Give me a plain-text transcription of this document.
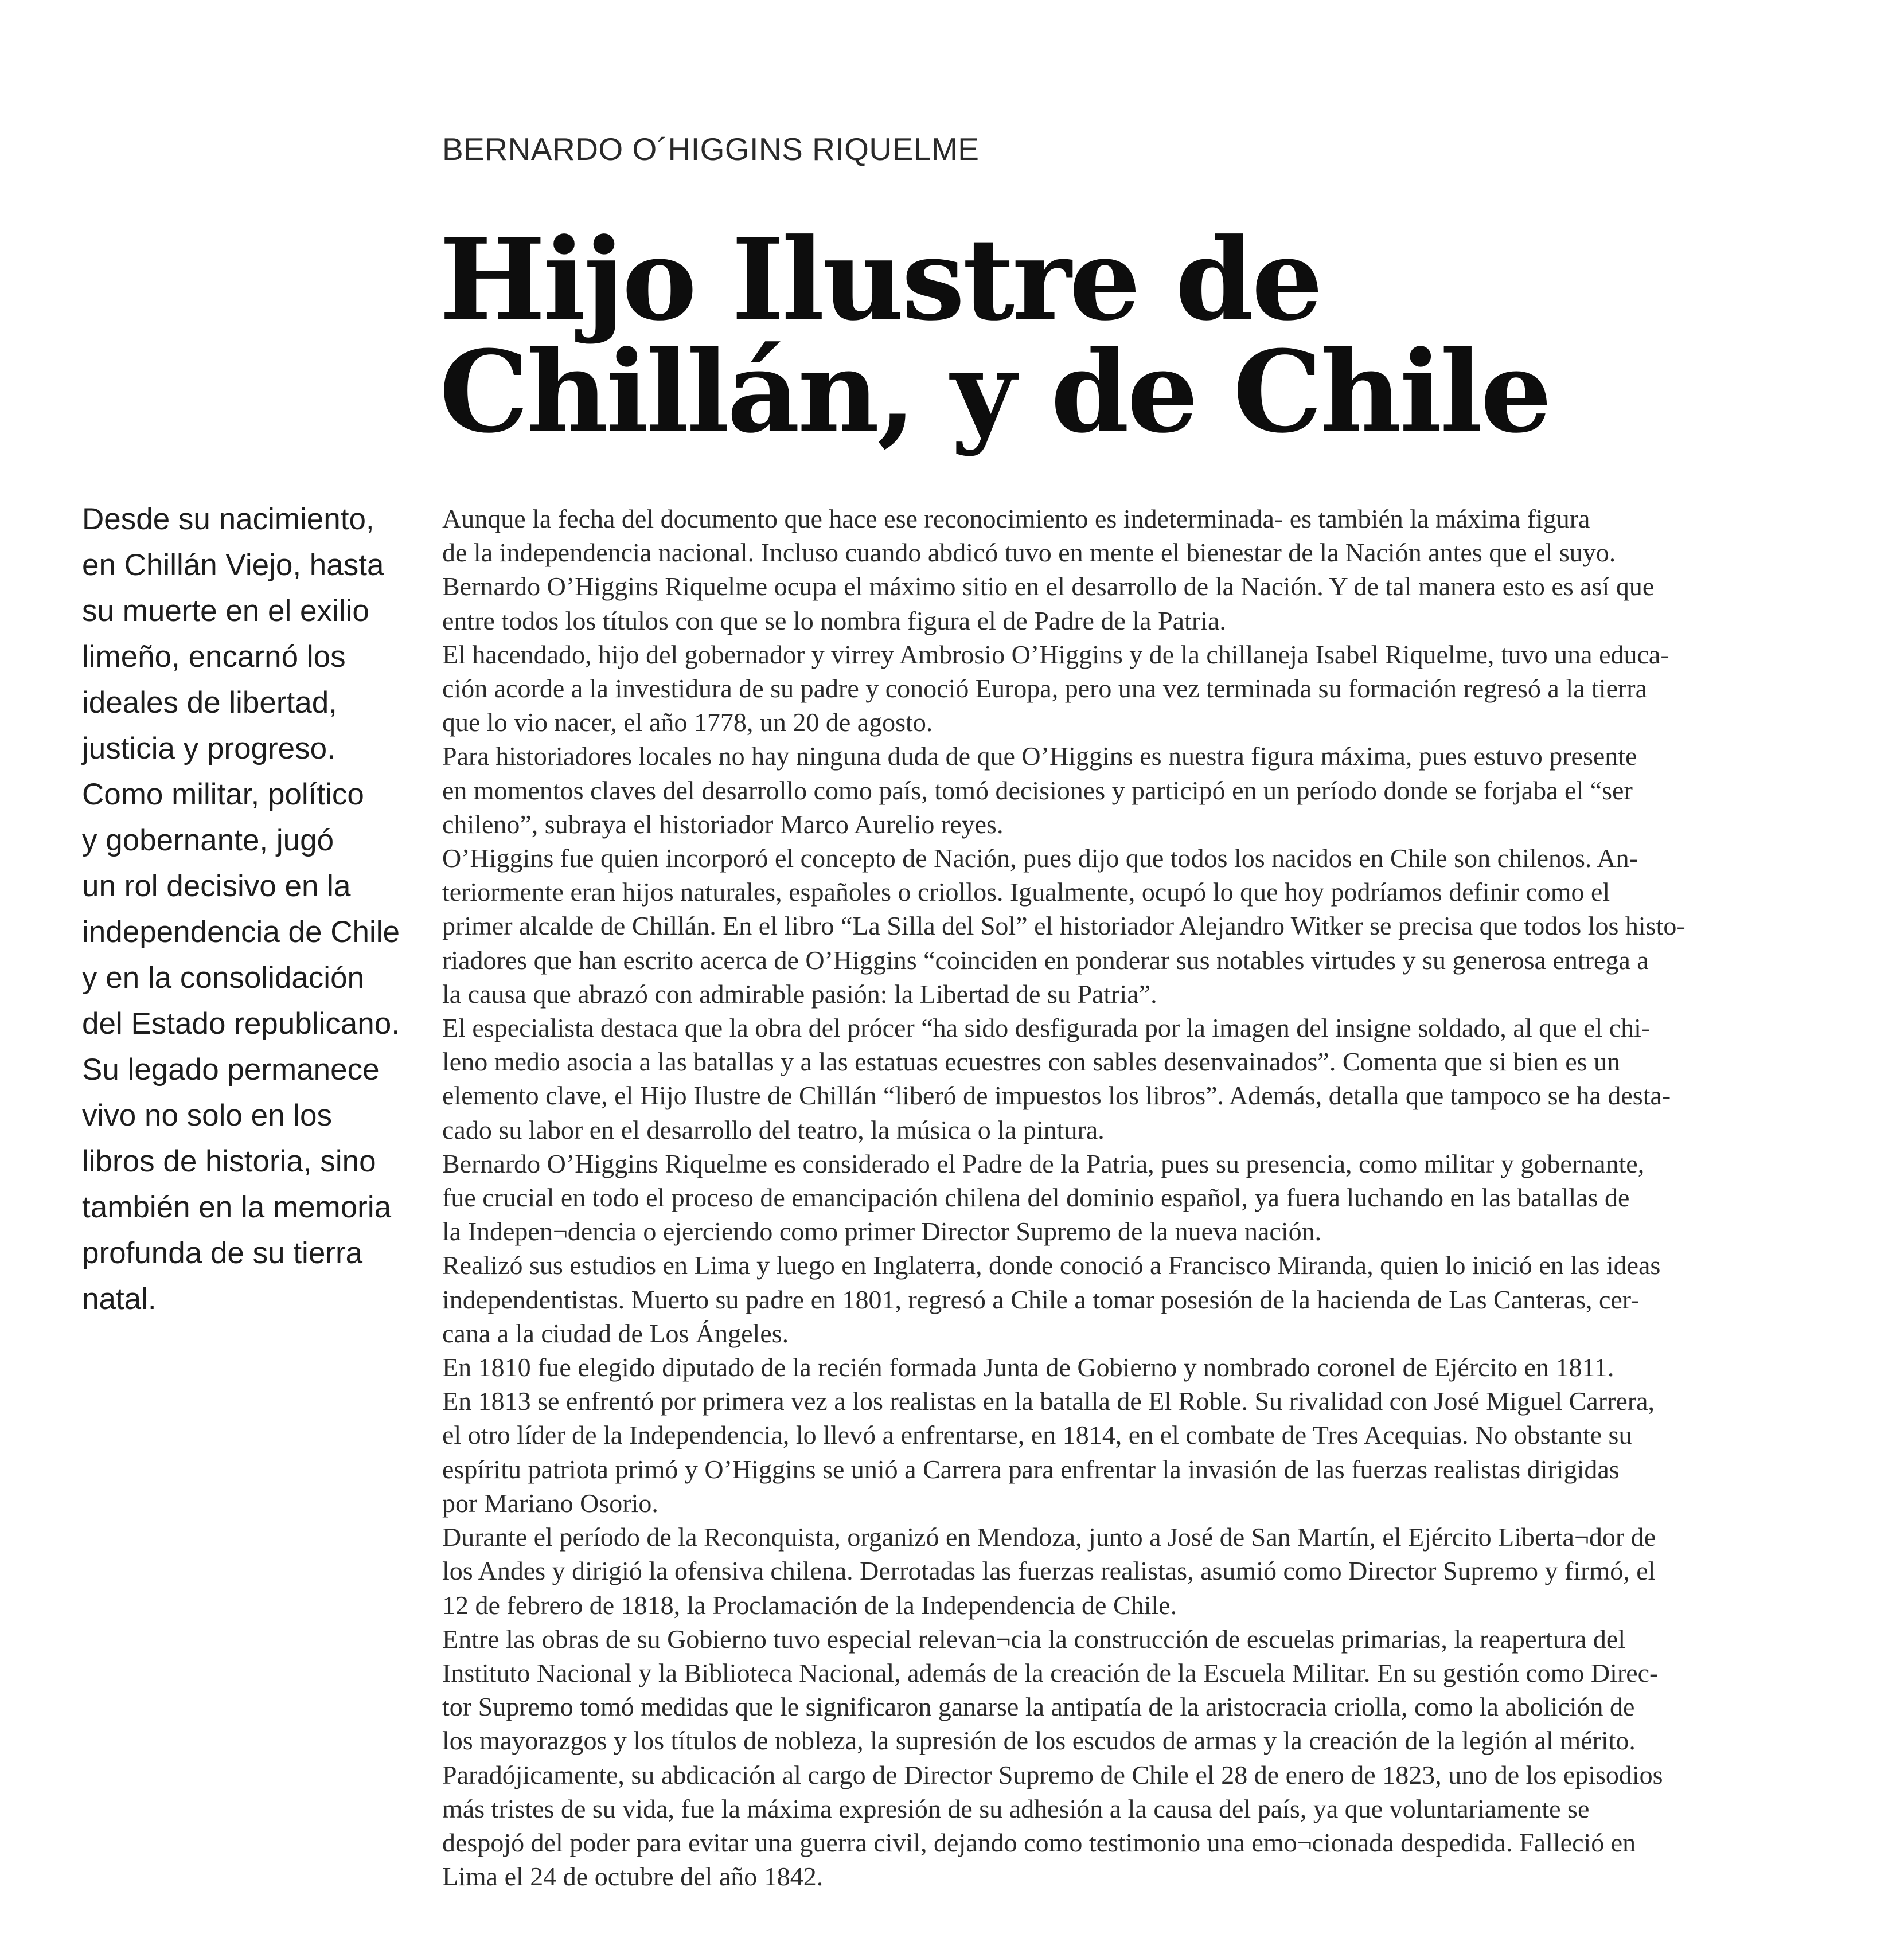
BERNARDO O´HIGGINS RIQUELME
Hijo Ilustre de
Chillán, y de Chile
Desde su nacimiento,
en Chillán Viejo, hasta
su muerte en el exilio
limeño, encarnó los
ideales de libertad,
justicia y progreso.
Como militar, político
y gobernante, jugó
un rol decisivo en la
independencia de Chile
y en la consolidación
del Estado republicano.
Su legado permanece
vivo no solo en los
libros de historia, sino
también en la memoria
profunda de su tierra
natal.
Aunque la fecha del documento que hace ese reconocimiento es indeterminada- es también la máxima figura
de la independencia nacional. Incluso cuando abdicó tuvo en mente el bienestar de la Nación antes que el suyo.
Bernardo O’Higgins Riquelme ocupa el máximo sitio en el desarrollo de la Nación. Y de tal manera esto es así que
entre todos los títulos con que se lo nombra figura el de Padre de la Patria.
El hacendado, hijo del gobernador y virrey Ambrosio O’Higgins y de la chillaneja Isabel Riquelme, tuvo una educa-
ción acorde a la investidura de su padre y conoció Europa, pero una vez terminada su formación regresó a la tierra
que lo vio nacer, el año 1778, un 20 de agosto.
Para historiadores locales no hay ninguna duda de que O’Higgins es nuestra figura máxima, pues estuvo presente
en momentos claves del desarrollo como país, tomó decisiones y participó en un período donde se forjaba el “ser
chileno”, subraya el historiador Marco Aurelio reyes.
O’Higgins fue quien incorporó el concepto de Nación, pues dijo que todos los nacidos en Chile son chilenos. An-
teriormente eran hijos naturales, españoles o criollos. Igualmente, ocupó lo que hoy podríamos definir como el
primer alcalde de Chillán. En el libro “La Silla del Sol” el historiador Alejandro Witker se precisa que todos los histo-
riadores que han escrito acerca de O’Higgins “coinciden en ponderar sus notables virtudes y su generosa entrega a
la causa que abrazó con admirable pasión: la Libertad de su Patria”.
El especialista destaca que la obra del prócer “ha sido desfigurada por la imagen del insigne soldado, al que el chi-
leno medio asocia a las batallas y a las estatuas ecuestres con sables desenvainados”. Comenta que si bien es un
elemento clave, el Hijo Ilustre de Chillán “liberó de impuestos los libros”. Además, detalla que tampoco se ha desta-
cado su labor en el desarrollo del teatro, la música o la pintura.
Bernardo O’Higgins Riquelme es considerado el Padre de la Patria, pues su presencia, como militar y gobernante,
fue crucial en todo el proceso de emancipación chilena del dominio español, ya fuera luchando en las batallas de
la Indepen¬dencia o ejerciendo como primer Director Supremo de la nueva nación.
Realizó sus estudios en Lima y luego en Inglaterra, donde conoció a Francisco Miranda, quien lo inició en las ideas
independentistas. Muerto su padre en 1801, regresó a Chile a tomar posesión de la hacienda de Las Canteras, cer-
cana a la ciudad de Los Ángeles.
En 1810 fue elegido diputado de la recién formada Junta de Gobierno y nombrado coronel de Ejército en 1811.
En 1813 se enfrentó por primera vez a los realistas en la batalla de El Roble. Su rivalidad con José Miguel Carrera,
el otro líder de la Independencia, lo llevó a enfrentarse, en 1814, en el combate de Tres Acequias. No obstante su
espíritu patriota primó y O’Higgins se unió a Carrera para enfrentar la invasión de las fuerzas realistas dirigidas
por Mariano Osorio.
Durante el período de la Reconquista, organizó en Mendoza, junto a José de San Martín, el Ejército Liberta¬dor de
los Andes y dirigió la ofensiva chilena. Derrotadas las fuerzas realistas, asumió como Director Supremo y firmó, el
12 de febrero de 1818, la Proclamación de la Independencia de Chile.
Entre las obras de su Gobierno tuvo especial relevan¬cia la construcción de escuelas primarias, la reapertura del
Instituto Nacional y la Biblioteca Nacional, además de la creación de la Escuela Militar. En su gestión como Direc-
tor Supremo tomó medidas que le significaron ganarse la antipatía de la aristocracia criolla, como la abolición de
los mayorazgos y los títulos de nobleza, la supresión de los escudos de armas y la creación de la legión al mérito.
Paradójicamente, su abdicación al cargo de Director Supremo de Chile el 28 de enero de 1823, uno de los episodios
más tristes de su vida, fue la máxima expresión de su adhesión a la causa del país, ya que voluntariamente se
despojó del poder para evitar una guerra civil, dejando como testimonio una emo¬cionada despedida. Falleció en
Lima el 24 de octubre del año 1842.
